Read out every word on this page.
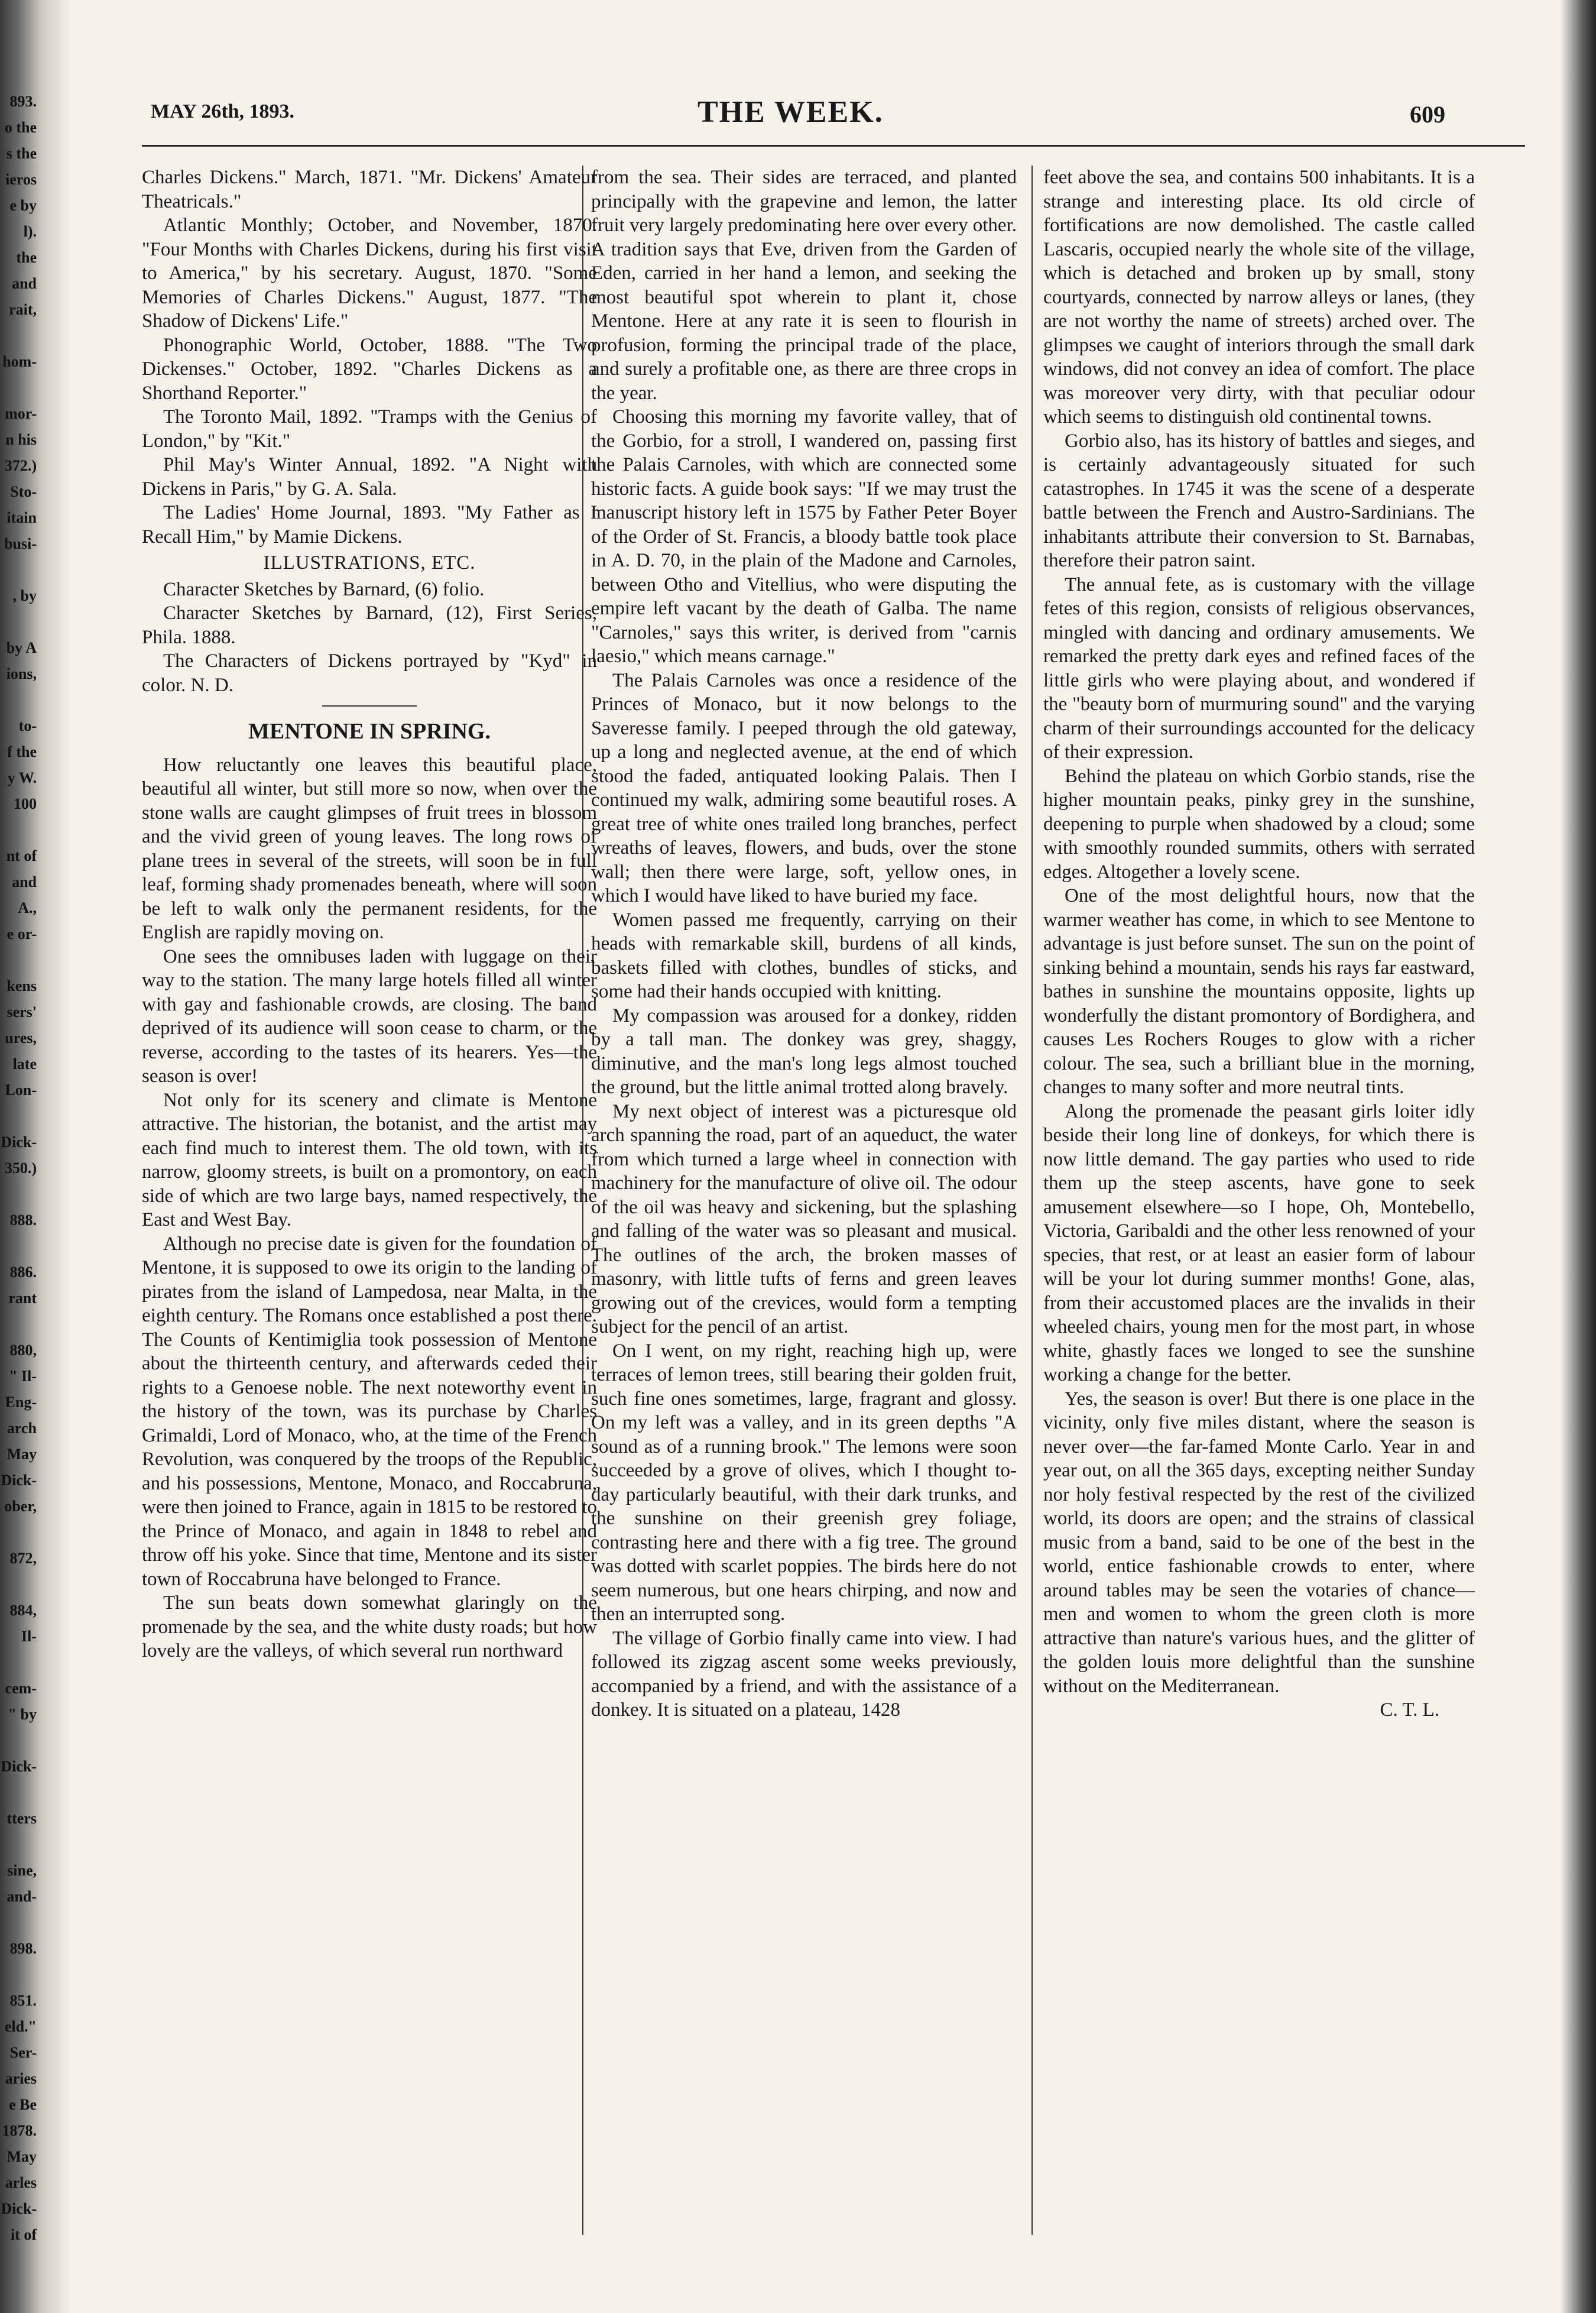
893.
o the
s the
ieros
e by
l).
the
and
rait,
hom-
mor-
n his
372.)
Sto-
itain
busi-
, by
by A
ions,
to-
f the
y W.
100
nt of
and
A.,
e or-
kens
sers'
ures,
late
Lon-
Dick-
350.)
888.
886.
rant
880,
" Il-
Eng-
arch
May
Dick-
ober,
872,
884,
Il-
cem-
" by
Dick-
tters
sine,
and-
898.
851.
eld."
Ser-
aries
e Be
1878.
May
arles
Dick-
it of
MAY 26th, 1893.	THE WEEK.	609

Charles Dickens." March, 1871. "Mr. Dickens' Amateur Theatricals."

Atlantic Monthly; October, and November, 1870. "Four Months with Charles Dickens, during his first visit to America," by his secretary. August, 1870. "Some Memories of Charles Dickens." August, 1877. "The Shadow of Dickens' Life."

Phonographic World, October, 1888. "The Two Dickenses." October, 1892. "Charles Dickens as a Shorthand Reporter."

The Toronto Mail, 1892. "Tramps with the Genius of London," by "Kit."

Phil May's Winter Annual, 1892. "A Night with Dickens in Paris," by G. A. Sala.

The Ladies' Home Journal, 1893. "My Father as I Recall Him," by Mamie Dickens.

ILLUSTRATIONS, ETC.

Character Sketches by Barnard, (6) folio.

Character Sketches by Barnard, (12), First Series, Phila. 1888.

The Characters of Dickens portrayed by "Kyd" in color. N. D.

MENTONE IN SPRING.

How reluctantly one leaves this beautiful place, beautiful all winter, but still more so now, when over the stone walls are caught glimpses of fruit trees in blossom and the vivid green of young leaves. The long rows of plane trees in several of the streets, will soon be in full leaf, forming shady promenades beneath, where will soon be left to walk only the permanent residents, for the English are rapidly moving on.

One sees the omnibuses laden with luggage on their way to the station. The many large hotels filled all winter with gay and fashionable crowds, are closing. The band deprived of its audience will soon cease to charm, or the reverse, according to the tastes of its hearers. Yes—the season is over!

Not only for its scenery and climate is Mentone attractive. The historian, the botanist, and the artist may each find much to interest them. The old town, with its narrow, gloomy streets, is built on a promontory, on each side of which are two large bays, named respectively, the East and West Bay.

Although no precise date is given for the foundation of Mentone, it is supposed to owe its origin to the landing of pirates from the island of Lampedosa, near Malta, in the eighth century. The Romans once established a post there. The Counts of Kentimiglia took possession of Mentone about the thirteenth century, and afterwards ceded their rights to a Genoese noble. The next noteworthy event in the history of the town, was its purchase by Charles Grimaldi, Lord of Monaco, who, at the time of the French Revolution, was conquered by the troops of the Republic, and his possessions, Mentone, Monaco, and Roccabruna, were then joined to France, again in 1815 to be restored to the Prince of Monaco, and again in 1848 to rebel and throw off his yoke. Since that time, Mentone and its sister town of Roccabruna have belonged to France.

The sun beats down somewhat glaringly on the promenade by the sea, and the white dusty roads; but how lovely are the valleys, of which several run northward

from the sea. Their sides are terraced, and planted principally with the grapevine and lemon, the latter fruit very largely predominating here over every other. A tradition says that Eve, driven from the Garden of Eden, carried in her hand a lemon, and seeking the most beautiful spot wherein to plant it, chose Mentone. Here at any rate it is seen to flourish in profusion, forming the principal trade of the place, and surely a profitable one, as there are three crops in the year.

Choosing this morning my favorite valley, that of the Gorbio, for a stroll, I wandered on, passing first the Palais Carnoles, with which are connected some historic facts. A guide book says: "If we may trust the manuscript history left in 1575 by Father Peter Boyer of the Order of St. Francis, a bloody battle took place in A. D. 70, in the plain of the Madone and Carnoles, between Otho and Vitellius, who were disputing the empire left vacant by the death of Galba. The name "Carnoles," says this writer, is derived from "carnis laesio," which means carnage."

The Palais Carnoles was once a residence of the Princes of Monaco, but it now belongs to the Saveresse family. I peeped through the old gateway, up a long and neglected avenue, at the end of which stood the faded, antiquated looking Palais. Then I continued my walk, admiring some beautiful roses. A great tree of white ones trailed long branches, perfect wreaths of leaves, flowers, and buds, over the stone wall; then there were large, soft, yellow ones, in which I would have liked to have buried my face.

Women passed me frequently, carrying on their heads with remarkable skill, burdens of all kinds, baskets filled with clothes, bundles of sticks, and some had their hands occupied with knitting.

My compassion was aroused for a donkey, ridden by a tall man. The donkey was grey, shaggy, diminutive, and the man's long legs almost touched the ground, but the little animal trotted along bravely.

My next object of interest was a picturesque old arch spanning the road, part of an aqueduct, the water from which turned a large wheel in connection with machinery for the manufacture of olive oil. The odour of the oil was heavy and sickening, but the splashing and falling of the water was so pleasant and musical. The outlines of the arch, the broken masses of masonry, with little tufts of ferns and green leaves growing out of the crevices, would form a tempting subject for the pencil of an artist.

On I went, on my right, reaching high up, were terraces of lemon trees, still bearing their golden fruit, such fine ones sometimes, large, fragrant and glossy. On my left was a valley, and in its green depths "A sound as of a running brook." The lemons were soon succeeded by a grove of olives, which I thought to-day particularly beautiful, with their dark trunks, and the sunshine on their greenish grey foliage, contrasting here and there with a fig tree. The ground was dotted with scarlet poppies. The birds here do not seem numerous, but one hears chirping, and now and then an interrupted song.

The village of Gorbio finally came into view. I had followed its zigzag ascent some weeks previously, accompanied by a friend, and with the assistance of a donkey. It is situated on a plateau, 1428

feet above the sea, and contains 500 inhabitants. It is a strange and interesting place. Its old circle of fortifications are now demolished. The castle called Lascaris, occupied nearly the whole site of the village, which is detached and broken up by small, stony courtyards, connected by narrow alleys or lanes, (they are not worthy the name of streets) arched over. The glimpses we caught of interiors through the small dark windows, did not convey an idea of comfort. The place was moreover very dirty, with that peculiar odour which seems to distinguish old continental towns.

Gorbio also, has its history of battles and sieges, and is certainly advantageously situated for such catastrophes. In 1745 it was the scene of a desperate battle between the French and Austro-Sardinians. The inhabitants attribute their conversion to St. Barnabas, therefore their patron saint.

The annual fete, as is customary with the village fetes of this region, consists of religious observances, mingled with dancing and ordinary amusements. We remarked the pretty dark eyes and refined faces of the little girls who were playing about, and wondered if the "beauty born of murmuring sound" and the varying charm of their surroundings accounted for the delicacy of their expression.

Behind the plateau on which Gorbio stands, rise the higher mountain peaks, pinky grey in the sunshine, deepening to purple when shadowed by a cloud; some with smoothly rounded summits, others with serrated edges. Altogether a lovely scene.

One of the most delightful hours, now that the warmer weather has come, in which to see Mentone to advantage is just before sunset. The sun on the point of sinking behind a mountain, sends his rays far eastward, bathes in sunshine the mountains opposite, lights up wonderfully the distant promontory of Bordighera, and causes Les Rochers Rouges to glow with a richer colour. The sea, such a brilliant blue in the morning, changes to many softer and more neutral tints.

Along the promenade the peasant girls loiter idly beside their long line of donkeys, for which there is now little demand. The gay parties who used to ride them up the steep ascents, have gone to seek amusement elsewhere—so I hope, Oh, Montebello, Victoria, Garibaldi and the other less renowned of your species, that rest, or at least an easier form of labour will be your lot during summer months! Gone, alas, from their accustomed places are the invalids in their wheeled chairs, young men for the most part, in whose white, ghastly faces we longed to see the sunshine working a change for the better.

Yes, the season is over! But there is one place in the vicinity, only five miles distant, where the season is never over—the far-famed Monte Carlo. Year in and year out, on all the 365 days, excepting neither Sunday nor holy festival respected by the rest of the civilized world, its doors are open; and the strains of classical music from a band, said to be one of the best in the world, entice fashionable crowds to enter, where around tables may be seen the votaries of chance—men and women to whom the green cloth is more attractive than nature's various hues, and the glitter of the golden louis more delightful than the sunshine without on the Mediterranean.

C. T. L.
